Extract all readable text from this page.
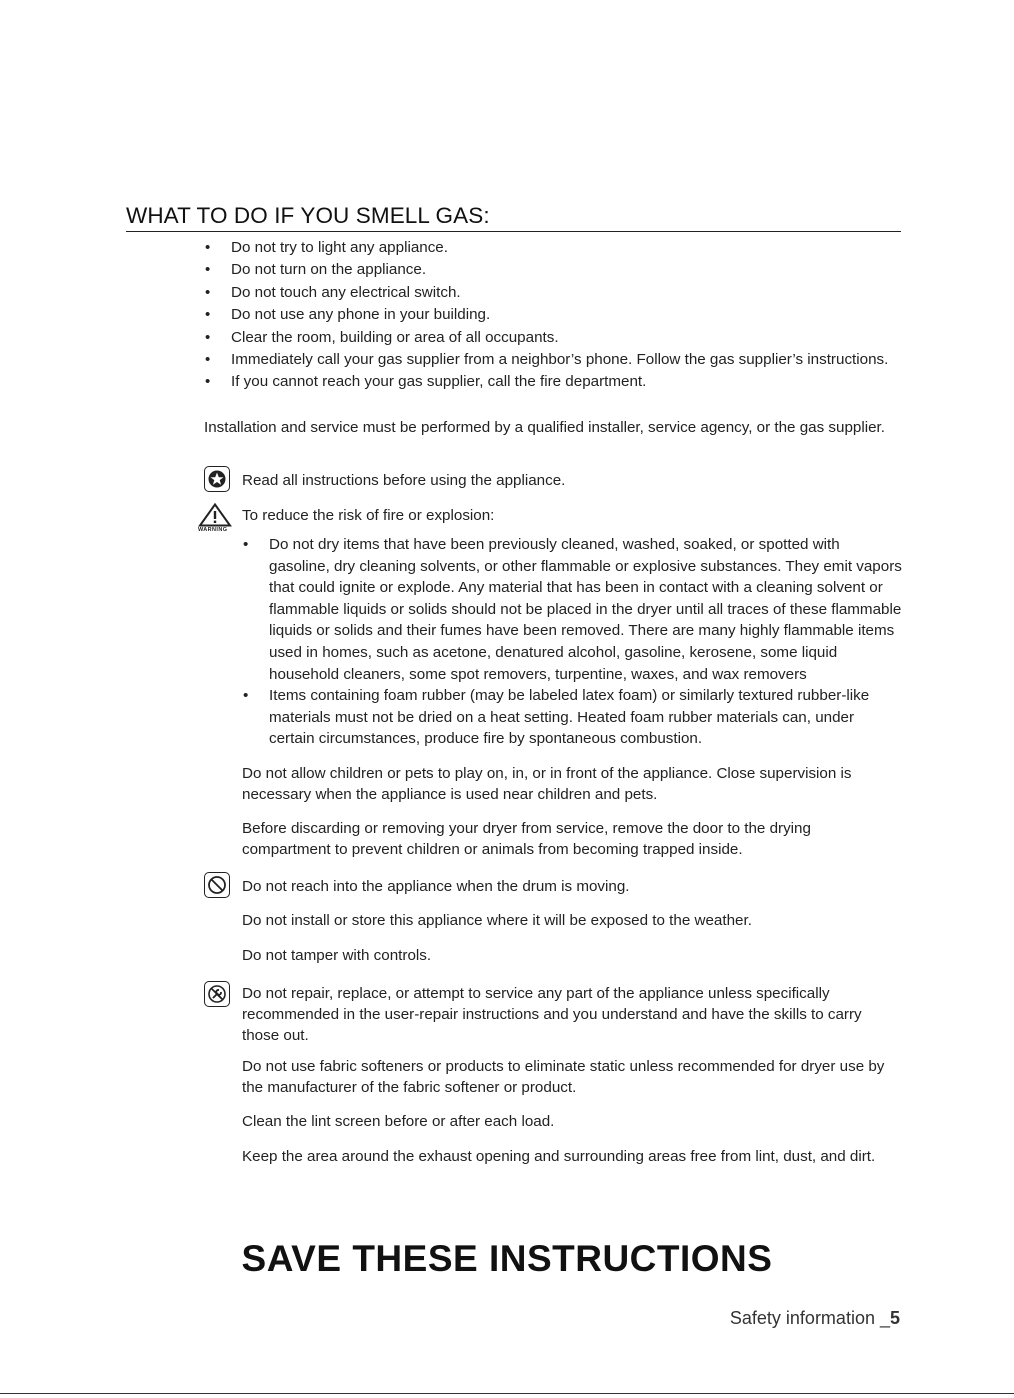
WHAT TO DO IF YOU SMELL GAS:
• Do not try to light any appliance.
• Do not turn on the appliance.
• Do not touch any electrical switch.
• Do not use any phone in your building.
• Clear the room, building or area of all occupants.
• Immediately call your gas supplier from a neighbor’s phone. Follow the gas supplier’s instructions.
• If you cannot reach your gas supplier, call the fire department.

Installation and service must be performed by a qualified installer, service agency, or the gas supplier.

Read all instructions before using the appliance.
WARNING
To reduce the risk of fire or explosion:
• Do not dry items that have been previously cleaned, washed, soaked, or spotted with gasoline, dry cleaning solvents, or other flammable or explosive substances. They emit vapors that could ignite or explode. Any material that has been in contact with a cleaning solvent or flammable liquids or solids should not be placed in the dryer until all traces of these flammable liquids or solids and their fumes have been removed. There are many highly flammable items used in homes, such as acetone, denatured alcohol, gasoline, kerosene, some liquid household cleaners, some spot removers, turpentine, waxes, and wax removers
• Items containing foam rubber (may be labeled latex foam) or similarly textured rubber-like materials must not be dried on a heat setting. Heated foam rubber materials can, under certain circumstances, produce fire by spontaneous combustion.

Do not allow children or pets to play on, in, or in front of the appliance. Close supervision is necessary when the appliance is used near children and pets.

Before discarding or removing your dryer from service, remove the door to the drying compartment to prevent children or animals from becoming trapped inside.

Do not reach into the appliance when the drum is moving.

Do not install or store this appliance where it will be exposed to the weather.

Do not tamper with controls.

Do not repair, replace, or attempt to service any part of the appliance unless specifically recommended in the user-repair instructions and you understand and have the skills to carry those out.

Do not use fabric softeners or products to eliminate static unless recommended for dryer use by the manufacturer of the fabric softener or product.

Clean the lint screen before or after each load.

Keep the area around the exhaust opening and surrounding areas free from lint, dust, and dirt.

SAVE THESE INSTRUCTIONS
Safety information _5
